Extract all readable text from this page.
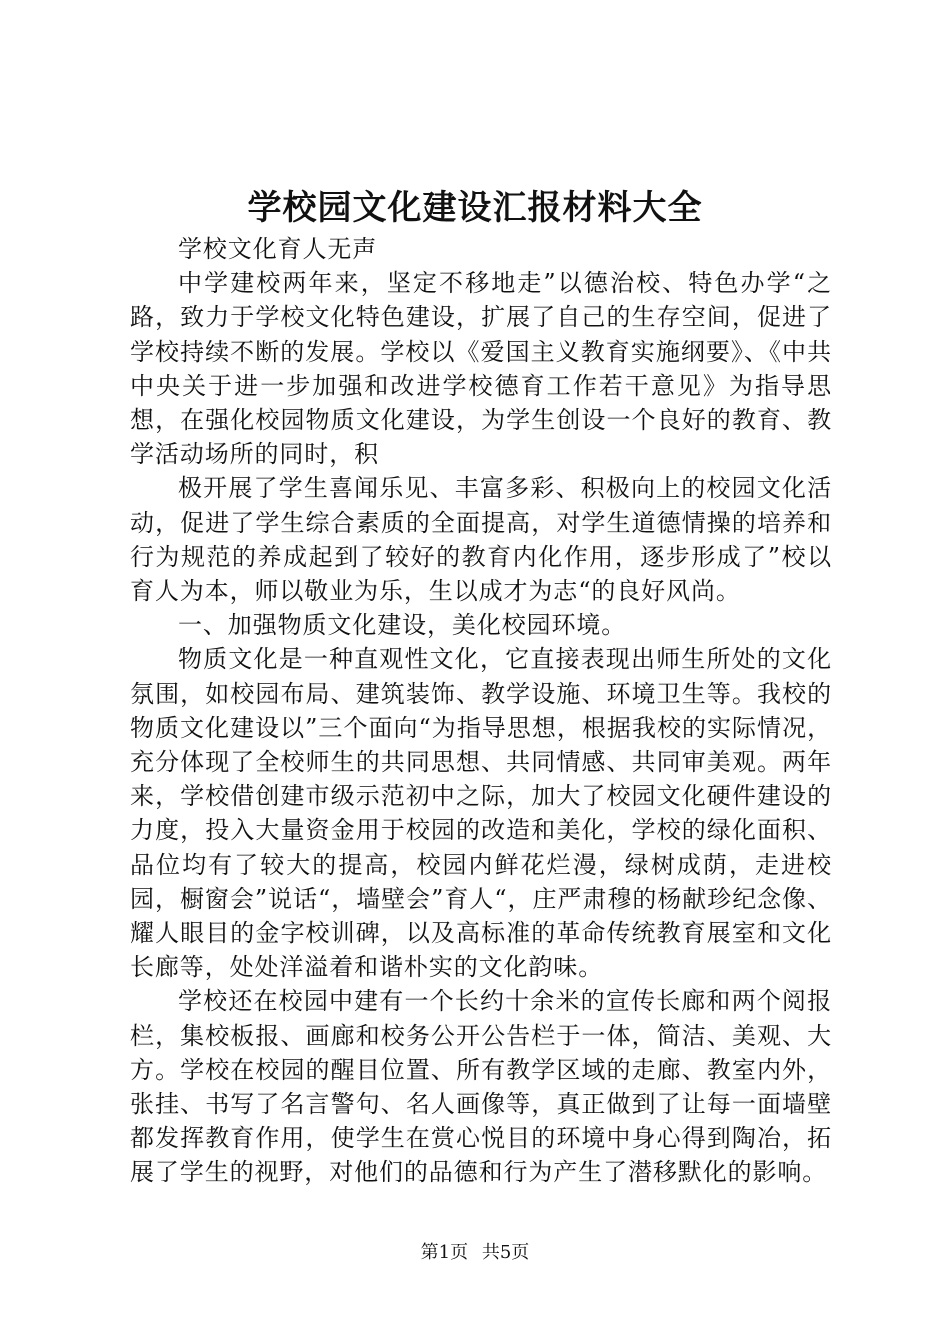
学校园文化建设汇报材料大全

学校文化育人无声

中学建校两年来，坚定不移地走”以德治校、特色办学“之路，致力于学校文化特色建设，扩展了自己的生存空间，促进了学校持续不断的发展。学校以《爱国主义教育实施纲要》、《中共中央关于进一步加强和改进学校德育工作若干意见》为指导思想，在强化校园物质文化建设，为学生创设一个良好的教育、教学活动场所的同时，积

极开展了学生喜闻乐见、丰富多彩、积极向上的校园文化活动，促进了学生综合素质的全面提高，对学生道德情操的培养和行为规范的养成起到了较好的教育内化作用，逐步形成了”校以育人为本，师以敬业为乐，生以成才为志“的良好风尚。

一、加强物质文化建设，美化校园环境。

物质文化是一种直观性文化，它直接表现出师生所处的文化氛围，如校园布局、建筑装饰、教学设施、环境卫生等。我校的物质文化建设以”三个面向“为指导思想，根据我校的实际情况，充分体现了全校师生的共同思想、共同情感、共同审美观。两年来，学校借创建市级示范初中之际，加大了校园文化硬件建设的力度，投入大量资金用于校园的改造和美化，学校的绿化面积、品位均有了较大的提高，校园内鲜花烂漫，绿树成荫，走进校园，橱窗会”说话“，墙壁会”育人“，庄严肃穆的杨献珍纪念像、耀人眼目的金字校训碑，以及高标准的革命传统教育展室和文化长廊等，处处洋溢着和谐朴实的文化韵味。

学校还在校园中建有一个长约十余米的宣传长廊和两个阅报栏，集校板报、画廊和校务公开公告栏于一体，简洁、美观、大方。学校在校园的醒目位置、所有教学区域的走廊、教室内外，张挂、书写了名言警句、名人画像等，真正做到了让每一面墙壁都发挥教育作用，使学生在赏心悦目的环境中身心得到陶冶，拓展了学生的视野，对他们的品德和行为产生了潜移默化的影响。

第1页 共5页
